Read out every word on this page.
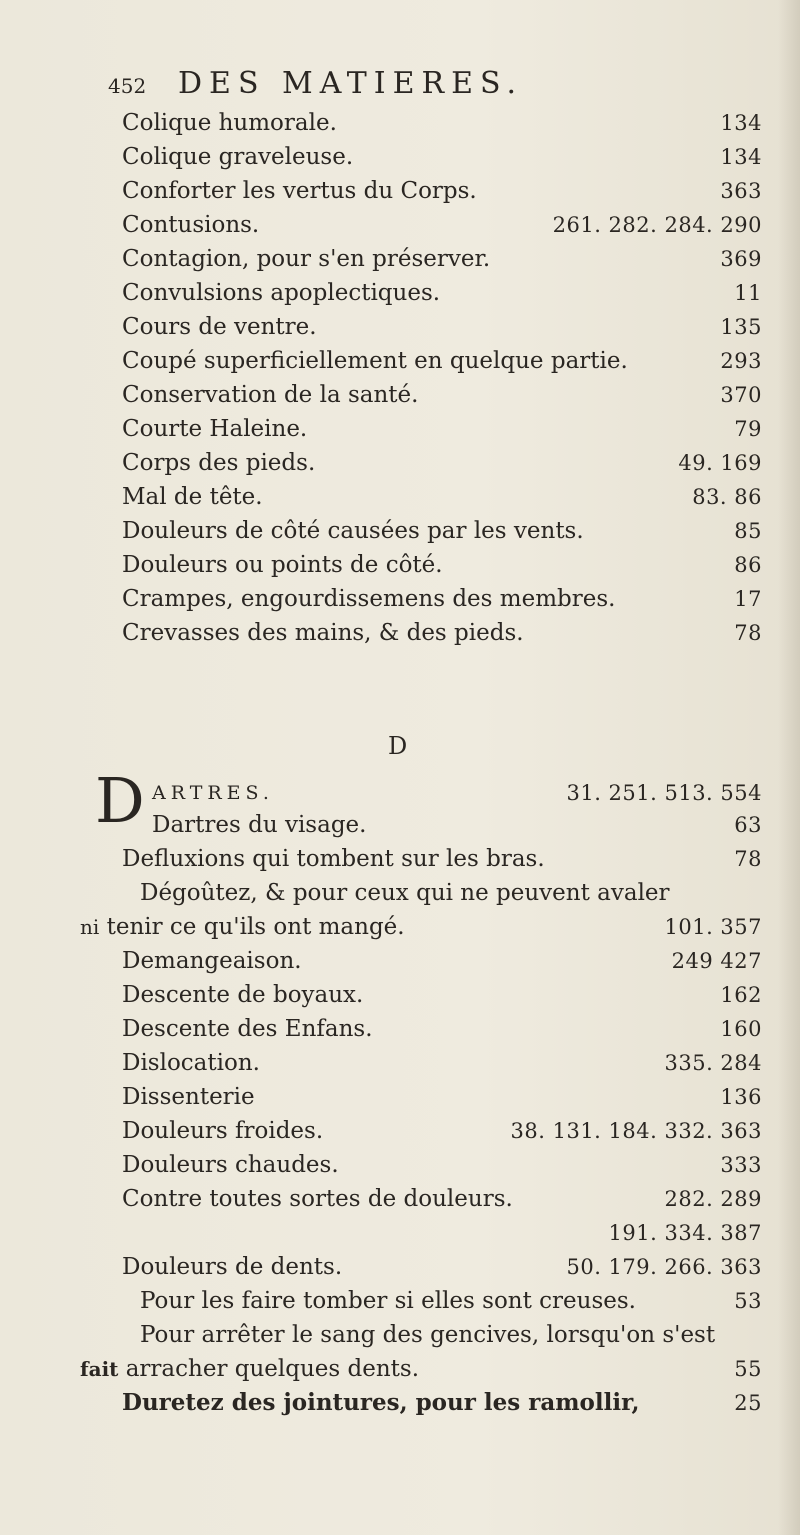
452 DES MATIERES.
Colique humorale.	134
Colique graveleuse.	134
Conforter les vertus du Corps.	363
Contusions.	261. 282. 284. 290
Contagion, pour s'en préserver.	369
Convulsions apoplectiques.	11
Cours de ventre.	135
Coupé superficiellement en quelque partie.	293
Conservation de la santé.	370
Courte Haleine.	79
Corps des pieds.	49. 169
Mal de tête.	83. 86
Douleurs de côté causées par les vents.	85
Douleurs ou points de côté.	86
Crampes, engourdissemens des membres.	17
Crevasses des mains, & des pieds.	78
D
D ARTRES.	31. 251. 513. 554
Dartres du visage.	63
Defluxions qui tombent sur les bras.	78
Dégoûtez, & pour ceux qui ne peuvent avaler
ni tenir ce qu'ils ont mangé.	101. 357
Demangeaison.	249 427
Descente de boyaux.	162
Descente des Enfans.	160
Dislocation.	335. 284
Dissenterie	136
Douleurs froides.	38. 131. 184. 332. 363
Douleurs chaudes.	333
Contre toutes sortes de douleurs.	282. 289
191. 334. 387
Douleurs de dents.	50. 179. 266. 363
Pour les faire tomber si elles sont creuses.	53
Pour arrêter le sang des gencives, lorsqu'on s'est
fait arracher quelques dents.	55
Duretez des jointures, pour les ramollir,	25
